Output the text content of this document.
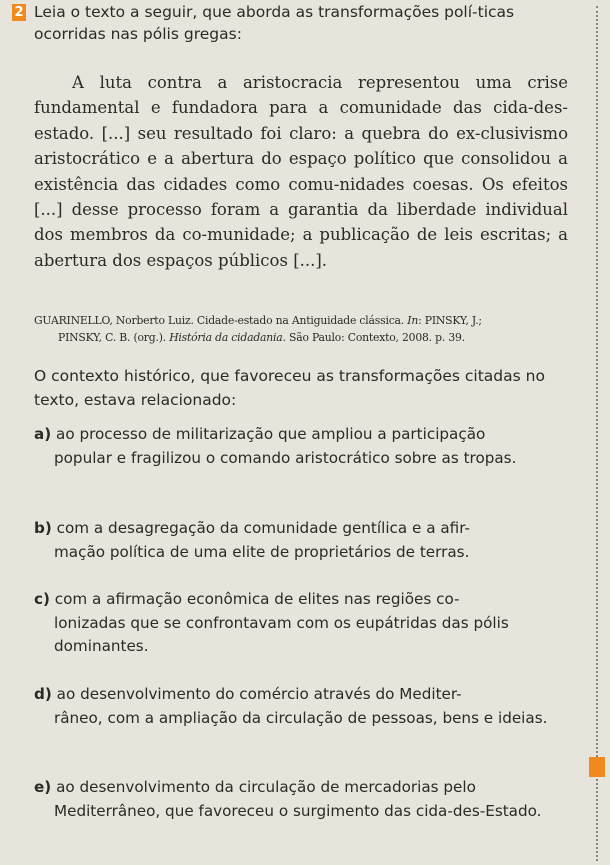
2 Leia o texto a seguir, que aborda as transformações polí-ticas ocorridas nas pólis gregas:
A luta contra a aristocracia representou uma crise fundamental e fundadora para a comunidade das cida-des-estado. [...] seu resultado foi claro: a quebra do ex-clusivismo aristocrático e a abertura do espaço político que consolidou a existência das cidades como comu-nidades coesas. Os efeitos [...] desse processo foram a garantia da liberdade individual dos membros da co-munidade; a publicação de leis escritas; a abertura dos espaços públicos [...].
GUARINELLO, Norberto Luiz. Cidade-estado na Antiguidade clássica. In: PINSKY, J.;
PINSKY, C. B. (org.). História da cidadania. São Paulo: Contexto, 2008. p. 39.
O contexto histórico, que favoreceu as transformações citadas no texto, estava relacionado:
a) ao processo de militarização que ampliou a participação
popular e fragilizou o comando aristocrático sobre as tropas.
b) com a desagregação da comunidade gentílica e a afir-
mação política de uma elite de proprietários de terras.
c) com a afirmação econômica de elites nas regiões co-
lonizadas que se confrontavam com os eupátridas das pólis dominantes.
d) ao desenvolvimento do comércio através do Mediter-
râneo, com a ampliação da circulação de pessoas, bens e ideias.
e) ao desenvolvimento da circulação de mercadorias pelo
Mediterrâneo, que favoreceu o surgimento das cida-des-Estado.
